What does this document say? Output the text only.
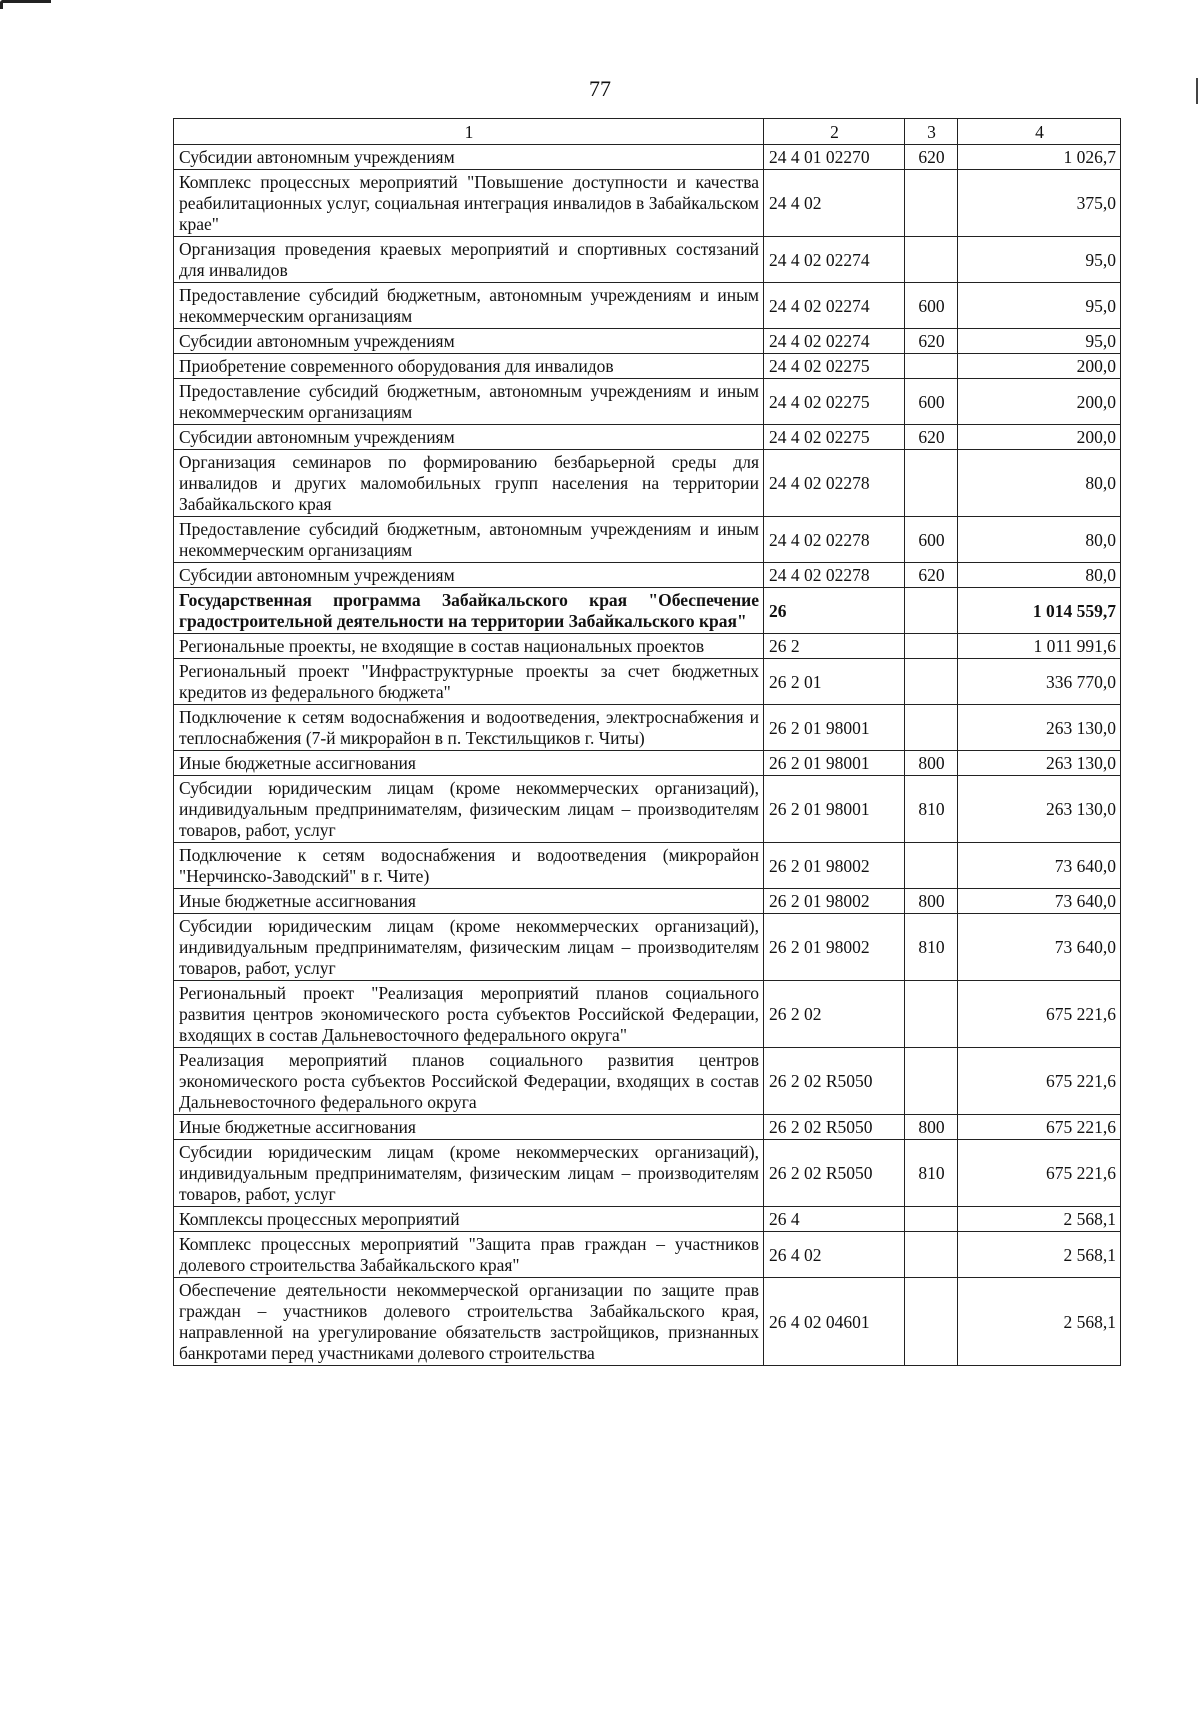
77
1	2	3	4
Субсидии автономным учреждениям	24 4 01 02270	620	1 026,7
Комплекс процессных мероприятий "Повышение доступности и качества реабилитационных услуг, социальная интеграция инвалидов в Забайкальском крае"	24 4 02		375,0
Организация проведения краевых мероприятий и спортивных состязаний для инвалидов	24 4 02 02274		95,0
Предоставление субсидий бюджетным, автономным учреждениям и иным некоммерческим организациям	24 4 02 02274	600	95,0
Субсидии автономным учреждениям	24 4 02 02274	620	95,0
Приобретение современного оборудования для инвалидов	24 4 02 02275		200,0
Предоставление субсидий бюджетным, автономным учреждениям и иным некоммерческим организациям	24 4 02 02275	600	200,0
Субсидии автономным учреждениям	24 4 02 02275	620	200,0
Организация семинаров по формированию безбарьерной среды для инвалидов и других маломобильных групп населения на территории Забайкальского края	24 4 02 02278		80,0
Предоставление субсидий бюджетным, автономным учреждениям и иным некоммерческим организациям	24 4 02 02278	600	80,0
Субсидии автономным учреждениям	24 4 02 02278	620	80,0
Государственная программа Забайкальского края "Обеспечение градостроительной деятельности на территории Забайкальского края"	26		1 014 559,7
Региональные проекты, не входящие в состав национальных проектов	26 2		1 011 991,6
Региональный проект "Инфраструктурные проекты за счет бюджетных кредитов из федерального бюджета"	26 2 01		336 770,0
Подключение к сетям водоснабжения и водоотведения, электроснабжения и теплоснабжения (7-й микрорайон в п. Текстильщиков г. Читы)	26 2 01 98001		263 130,0
Иные бюджетные ассигнования	26 2 01 98001	800	263 130,0
Субсидии юридическим лицам (кроме некоммерческих организаций), индивидуальным предпринимателям, физическим лицам – производителям товаров, работ, услуг	26 2 01 98001	810	263 130,0
Подключение к сетям водоснабжения и водоотведения (микрорайон "Нерчинско-Заводский" в г. Чите)	26 2 01 98002		73 640,0
Иные бюджетные ассигнования	26 2 01 98002	800	73 640,0
Субсидии юридическим лицам (кроме некоммерческих организаций), индивидуальным предпринимателям, физическим лицам – производителям товаров, работ, услуг	26 2 01 98002	810	73 640,0
Региональный проект "Реализация мероприятий планов социального развития центров экономического роста субъектов Российской Федерации, входящих в состав Дальневосточного федерального округа"	26 2 02		675 221,6
Реализация мероприятий планов социального развития центров экономического роста субъектов Российской Федерации, входящих в состав Дальневосточного федерального округа	26 2 02 R5050		675 221,6
Иные бюджетные ассигнования	26 2 02 R5050	800	675 221,6
Субсидии юридическим лицам (кроме некоммерческих организаций), индивидуальным предпринимателям, физическим лицам – производителям товаров, работ, услуг	26 2 02 R5050	810	675 221,6
Комплексы процессных мероприятий	26 4		2 568,1
Комплекс процессных мероприятий "Защита прав граждан – участников долевого строительства Забайкальского края"	26 4 02		2 568,1
Обеспечение деятельности некоммерческой организации по защите прав граждан – участников долевого строительства Забайкальского края, направленной на урегулирование обязательств застройщиков, признанных банкротами перед участниками долевого строительства	26 4 02 04601		2 568,1
